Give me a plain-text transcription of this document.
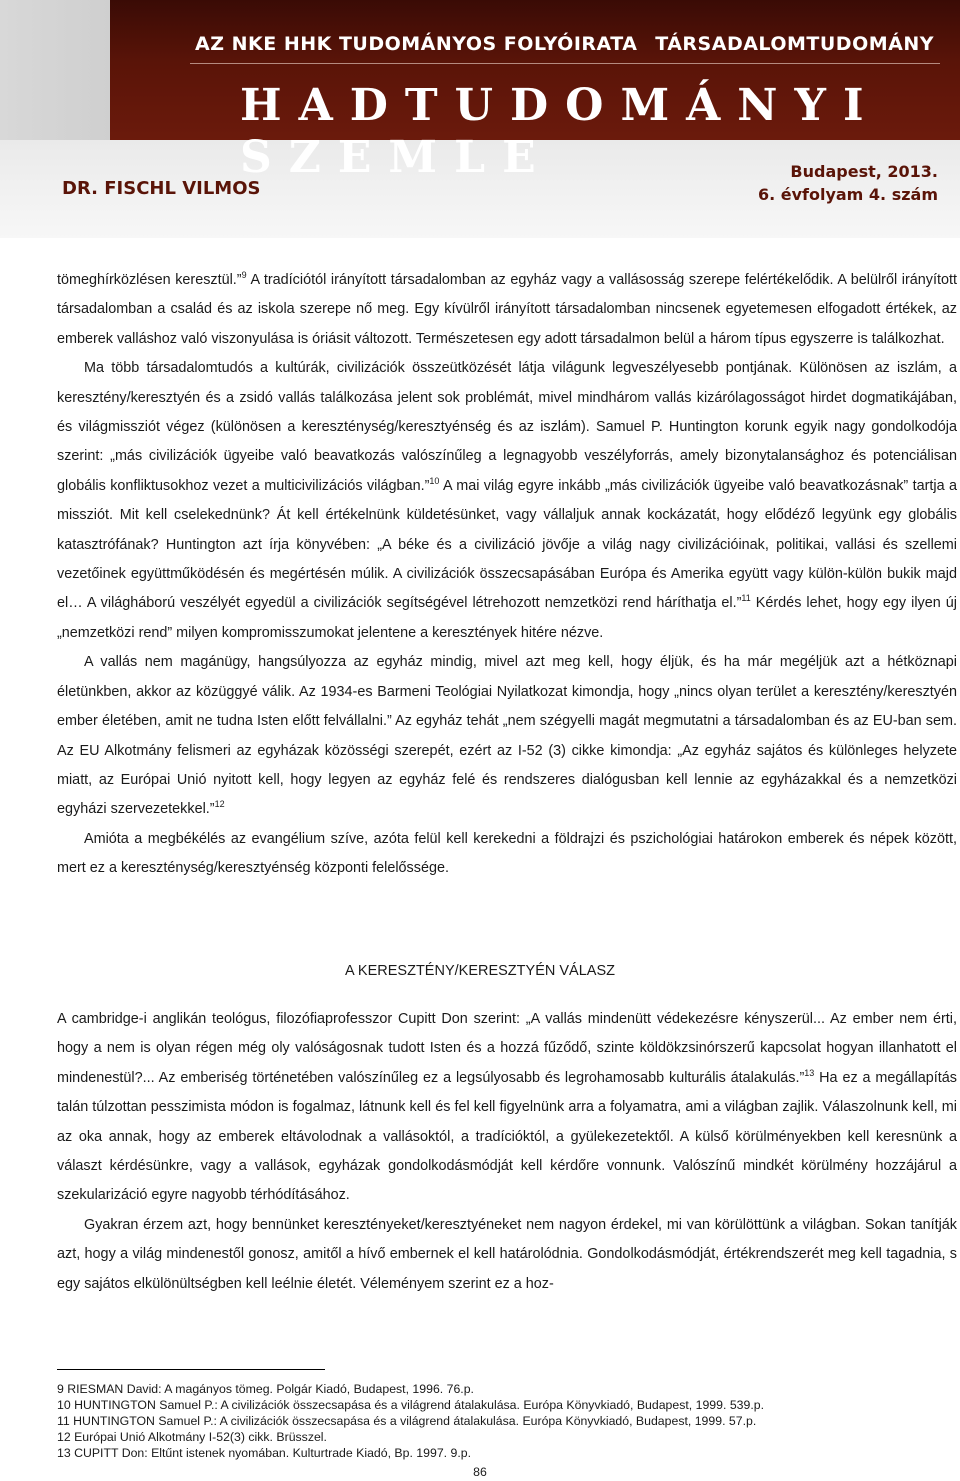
AZ NKE HHK TUDOMÁNYOS FOLYÓIRATA TÁRSADALOMTUDOMÁNY
HADTUDOMÁNYI SZEMLE
DR. FISCHL VILMOS
Budapest, 2013.
6. évfolyam 4. szám

tömeghírközlésen keresztül.”$^9$ A tradíciótól irányított társadalomban az egyház vagy a vallásosság szerepe felértékelődik. A belülről irányított társadalomban a család és az iskola szerepe nő meg. Egy kívülről irányított társadalomban nincsenek egyetemesen elfogadott értékek, az emberek valláshoz való viszonyulása is óriásit változott. Természetesen egy adott társadalmon belül a három típus egyszerre is találkozhat.

Ma több társadalomtudós a kultúrák, civilizációk összeütközését látja világunk legveszélyesebb pontjának. Különösen az iszlám, a keresztény/keresztyén és a zsidó vallás találkozása jelent sok problémát, mivel mindhárom vallás kizárólagosságot hirdet dogmatikájában, és világmissziót végez (különösen a kereszténység/keresztyénség és az iszlám). Samuel P. Huntington korunk egyik nagy gondolkodója szerint: „más civilizációk ügyeibe való beavatkozás valószínűleg a legnagyobb veszélyforrás, amely bizonytalansághoz és potenciálisan globális konfliktusokhoz vezet a multicivilizációs világban.”$^{10}$ A mai világ egyre inkább „más civilizációk ügyeibe való beavatkozásnak” tartja a missziót. Mit kell cselekednünk? Át kell értékelnünk küldetésünket, vagy vállaljuk annak kockázatát, hogy elődéző legyünk egy globális katasztrófának? Huntington azt írja könyvében: „A béke és a civilizáció jövője a világ nagy civilizációinak, politikai, vallási és szellemi vezetőinek együttműködésén és megértésén múlik. A civilizációk összecsapásában Európa és Amerika együtt vagy külön-külön bukik majd el… A világháború veszélyét egyedül a civilizációk segítségével létrehozott nemzetközi rend háríthatja el.”$^{11}$ Kérdés lehet, hogy egy ilyen új „nemzetközi rend” milyen kompromisszumokat jelentene a keresztények hitére nézve.

A vallás nem magánügy, hangsúlyozza az egyház mindig, mivel azt meg kell, hogy éljük, és ha már megéljük azt a hétköznapi életünkben, akkor az közüggyé válik. Az 1934-es Barmeni Teológiai Nyilatkozat kimondja, hogy „nincs olyan terület a keresztény/keresztyén ember életében, amit ne tudna Isten előtt felvállalni.” Az egyház tehát „nem szégyelli magát megmutatni a társadalomban és az EU-ban sem. Az EU Alkotmány felismeri az egyházak közösségi szerepét, ezért az I-52 (3) cikke kimondja: „Az egyház sajátos és különleges helyzete miatt, az Európai Unió nyitott kell, hogy legyen az egyház felé és rendszeres dialógusban kell lennie az egyházakkal és a nemzetközi egyházi szervezetekkel.”$^{12}$

Amióta a megbékélés az evangélium szíve, azóta felül kell kerekedni a földrajzi és pszichológiai határokon emberek és népek között, mert ez a kereszténység/keresztyénség központi felelőssége.

A KERESZTÉNY/KERESZTYÉN VÁLASZ

A cambridge-i anglikán teológus, filozófiaprofesszor Cupitt Don szerint: „A vallás mindenütt védekezésre kényszerül... Az ember nem érti, hogy a nem is olyan régen még oly valóságosnak tudott Isten és a hozzá fűződő, szinte köldökzsinórszerű kapcsolat hogyan illanhatott el mindenestül?... Az emberiség történetében valószínűleg ez a legsúlyosabb és legrohamosabb kulturális átalakulás.”$^{13}$ Ha ez a megállapítás talán túlzottan pesszimista módon is fogalmaz, látnunk kell és fel kell figyelnünk arra a folyamatra, ami a világban zajlik. Válaszolnunk kell, mi az oka annak, hogy az emberek eltávolodnak a vallásoktól, a tradícióktól, a gyülekezetektől. A külső körülményekben kell keresnünk a választ kérdésünkre, vagy a vallások, egyházak gondolkodásmódját kell kérdőre vonnunk. Valószínű mindkét körülmény hozzájárul a szekularizáció egyre nagyobb térhódításához.

Gyakran érzem azt, hogy bennünket keresztényeket/keresztyéneket nem nagyon érdekel, mi van körülöttünk a világban. Sokan tanítják azt, hogy a világ mindenestől gonosz, amitől a hívő embernek el kell határolódnia. Gondolkodásmódját, értékrendszerét meg kell tagadnia, s egy sajátos elkülönültségben kell leélnie életét. Véleményem szerint ez a hoz-

9 RIESMAN David: A magányos tömeg. Polgár Kiadó, Budapest, 1996. 76.p.
10 HUNTINGTON Samuel P.: A civilizációk összecsapása és a világrend átalakulása. Európa Könyvkiadó, Budapest, 1999. 539.p.
11 HUNTINGTON Samuel P.: A civilizációk összecsapása és a világrend átalakulása. Európa Könyvkiadó, Budapest, 1999. 57.p.
12 Európai Unió Alkotmány I-52(3) cikk. Brüsszel.
13 CUPITT Don: Eltűnt istenek nyomában. Kulturtrade Kiadó, Bp. 1997. 9.p.
86
